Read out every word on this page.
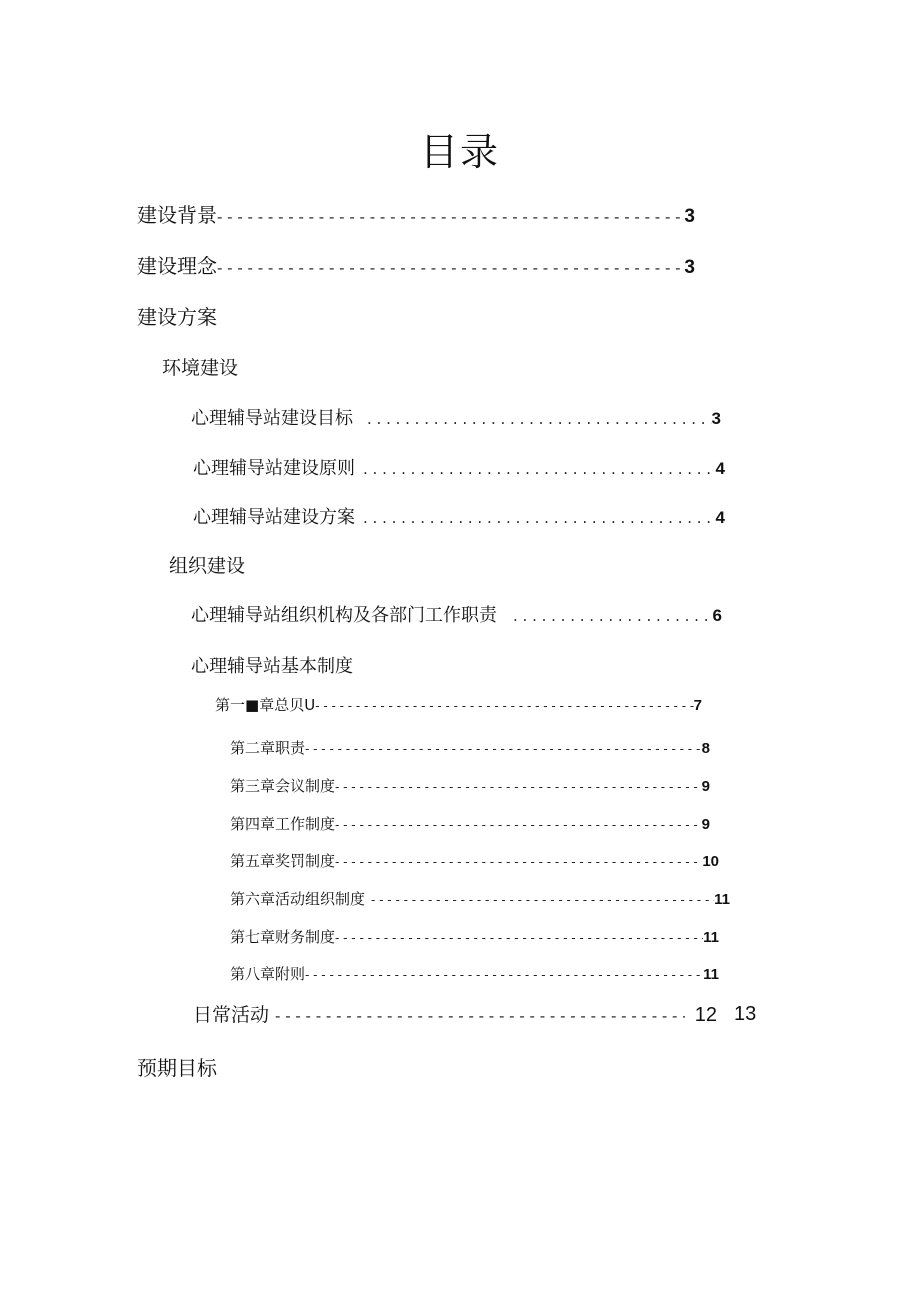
目录
建设背景 - - -	3
建设理念 - - -	3
建设方案
环境建设
心理辅导站建设目标 . . .	3
心理辅导站建设原则 . . .	4
心理辅导站建设方案 . . .	4
组织建设
心理辅导站组织机构及各部门工作职责 . . .	6
心理辅导站基本制度
第一■章总贝U - - -	7
第二章职责 - - -	8
第三章会议制度 - - -	9
第四章工作制度 - - -	9
第五章奖罚制度 - - -	10
第六章活动组织制度 - - -	11
第七章财务制度 - - -	11
第八章附则 - - -	11
日常活动 - - -	12 13
预期目标
